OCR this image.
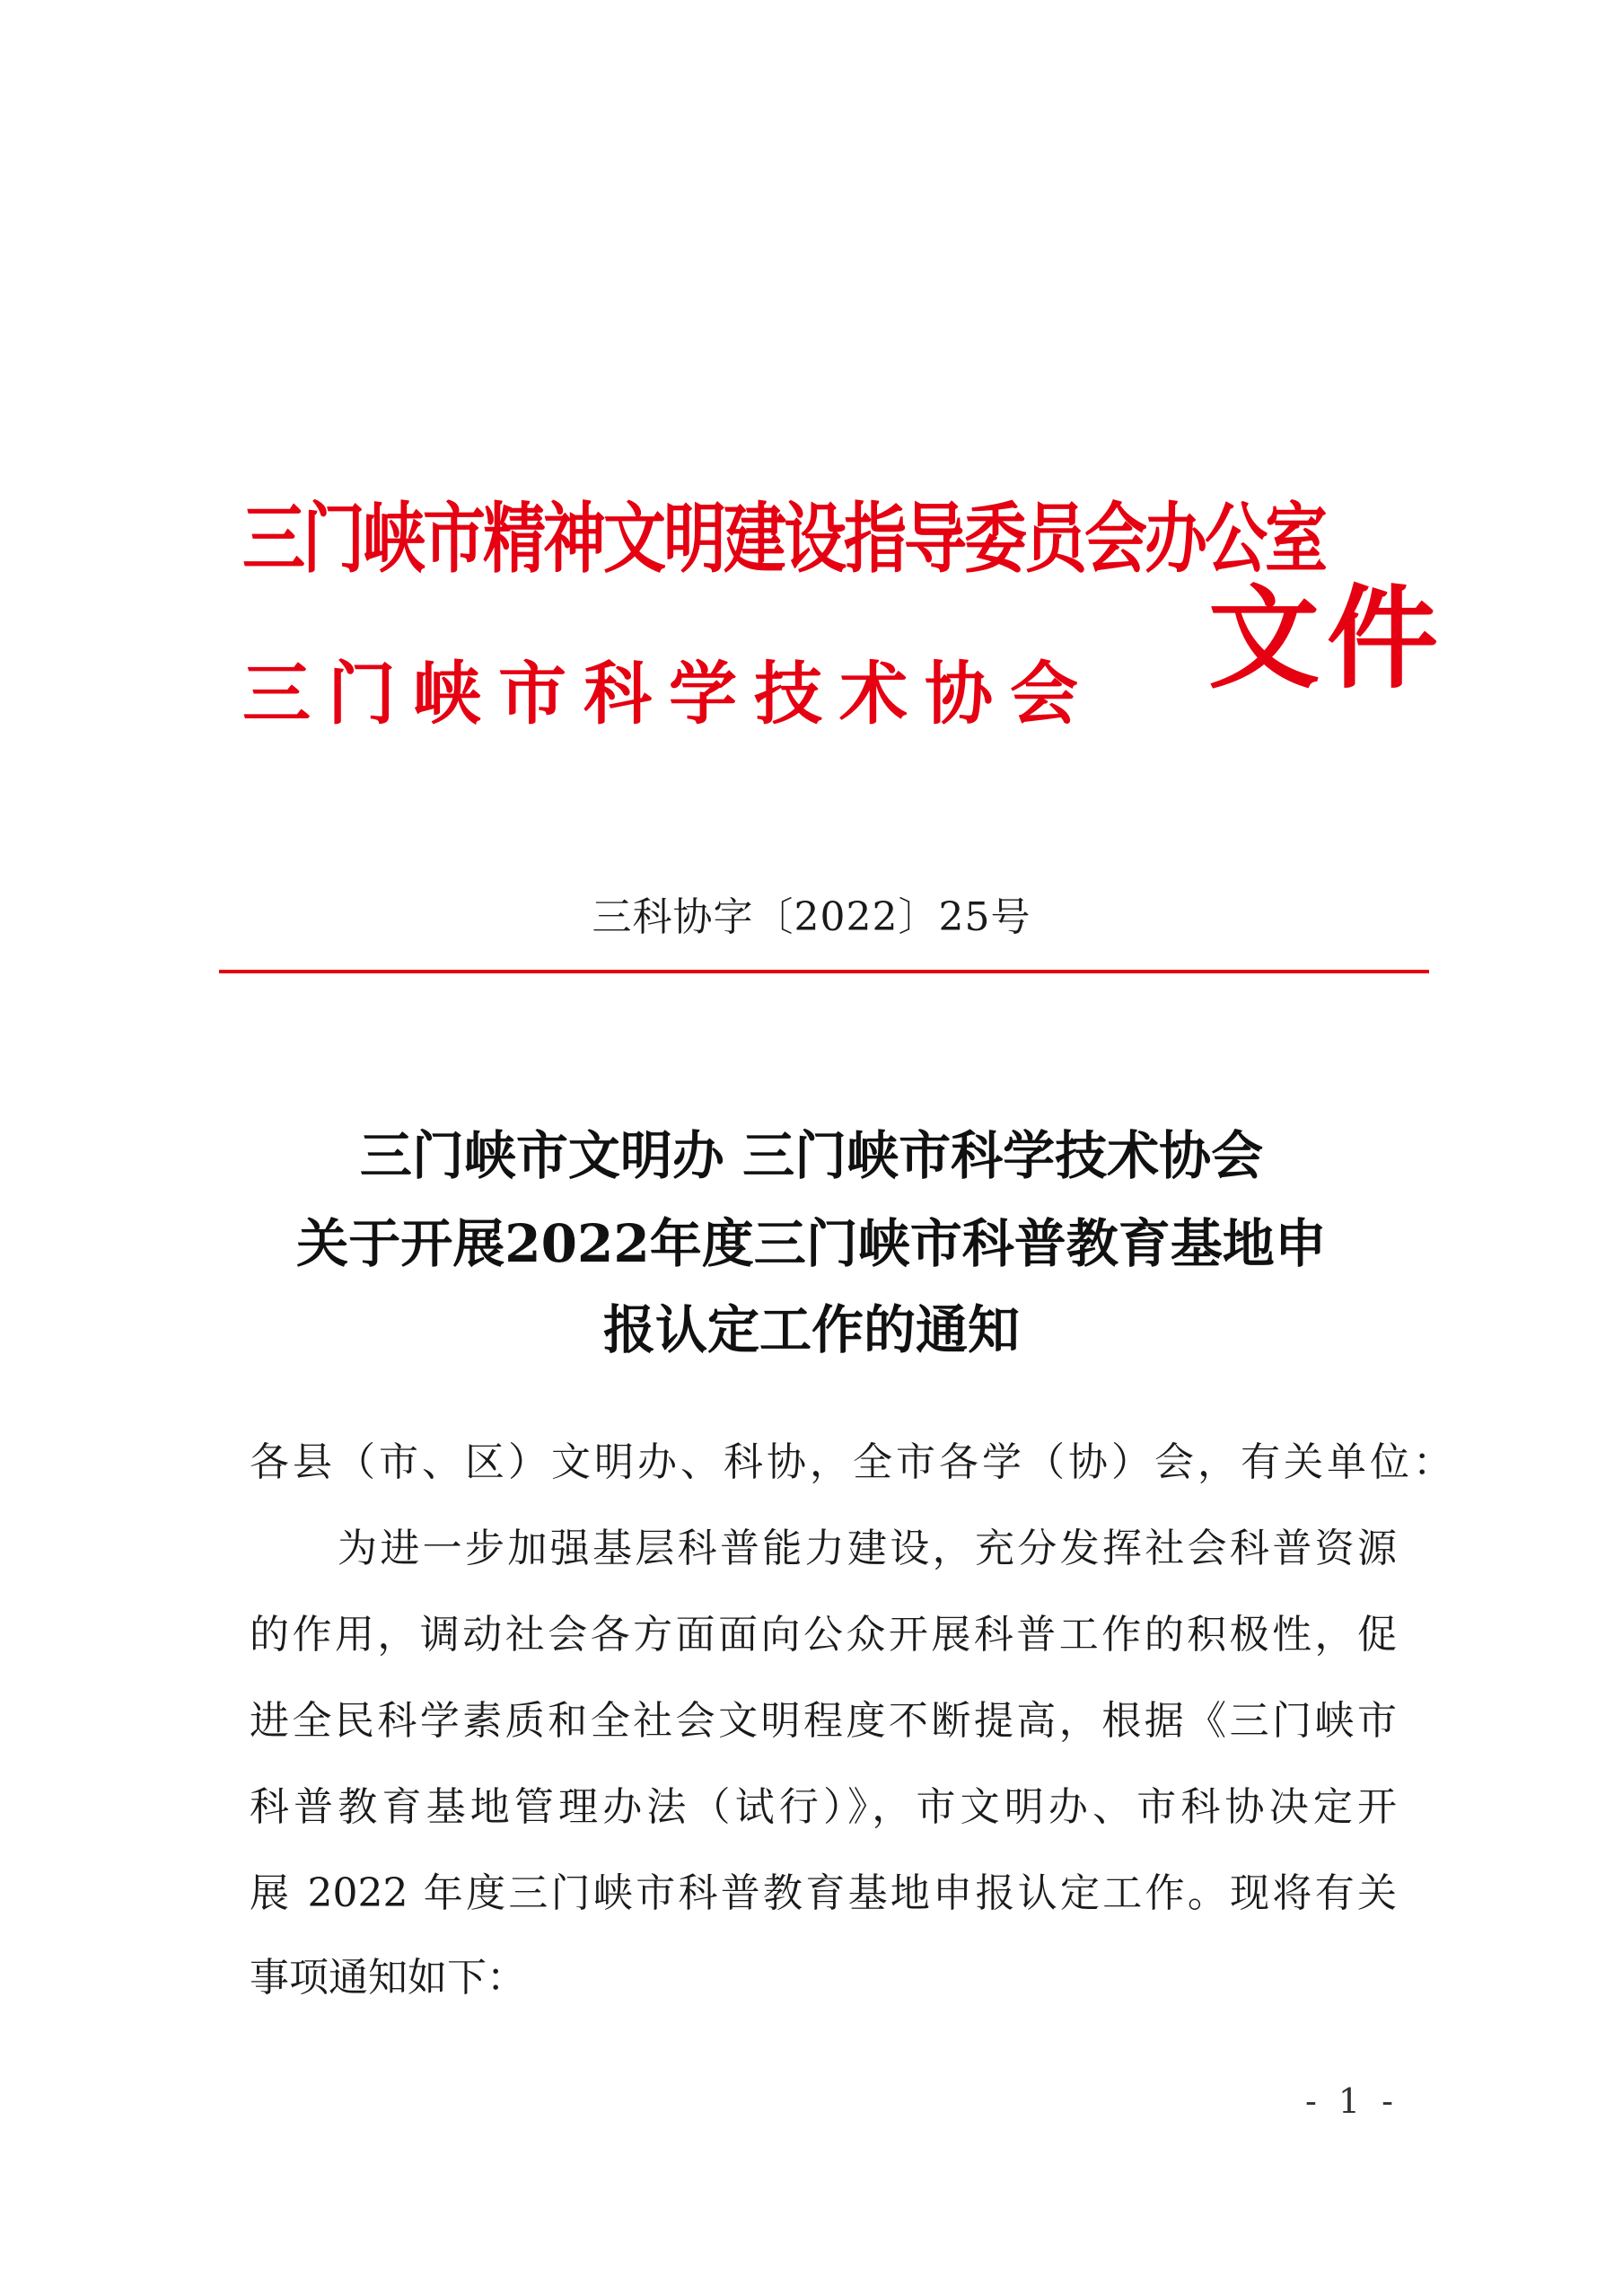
三门峡市精神文明建设指导委员会办公室
三门峡市科学技术协会 文件
三科协字〔2022〕25号
三门峡市文明办 三门峡市科学技术协会
关于开展2022年度三门峡市科普教育基地申
报认定工作的通知
各县（市、区）文明办、科协，全市各学（协）会，有关单位：
为进一步加强基层科普能力建设，充分发挥社会科普资源
的作用，调动社会各方面面向公众开展科普工作的积极性，促
进全民科学素质和全社会文明程度不断提高，根据《三门峡市
科普教育基地管理办法（试行）》，市文明办、市科协决定开
展 2022 年度三门峡市科普教育基地申报认定工作。现将有关
事项通知如下：
- 1 -
